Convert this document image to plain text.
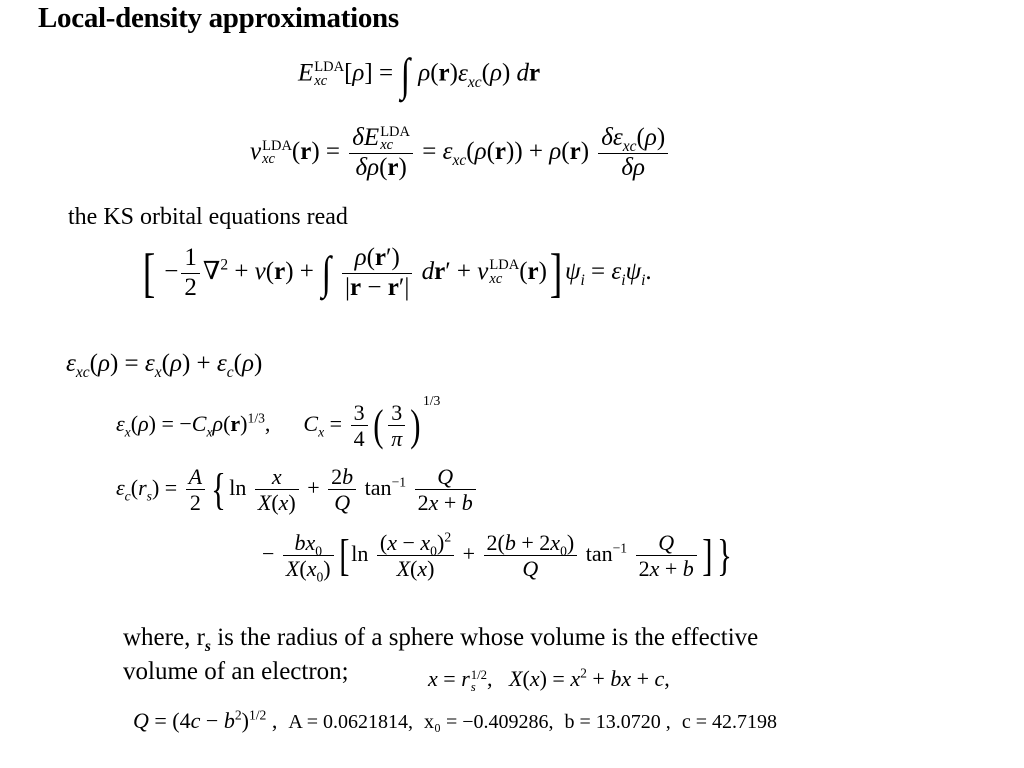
Local-density approximations
E LDA
xc [ρ] = ∫ $\rho(r)\varepsilon_{xc}(\rho)$ dr
v LDA
xc (r) = δE LDA
xc
$\delta\rho(r) = \varepsilon_{xc}(\rho(r)) + \rho(r) \frac{\delta\varepsilon_{xc}(\rho)}{\delta\rho}$
the KS orbital equations read
[ − $\frac{1}{2} \nabla^2 + v(r)$ + ∫ $\frac{\rho(r')}{|r - r'|} dr' + v$ LDA
xc (r)] $\psi_i = \varepsilon_i\psi_i$.
$\varepsilon_{xc}(\rho) = \varepsilon_x(\rho) + \varepsilon_c(\rho)$
$\varepsilon_x(\rho) = -C_x\rho(r)^{1/3}$,      $C_x = \frac{3}{4}$ ( $\frac{3}{\pi} )^{1/3}$
$\varepsilon_c(r_s) = \frac{A}{2}$ { $\ln \frac{x}{X(x)} + \frac{2b}{Q} \tan^{-1} \frac{Q}{2x + b}$
− $\frac{bx_0}{X(x_0)} [\ln \frac{(x - x_0)^2}{X(x)} + \frac{2(b + 2x_0)}{Q} \tan^{-1} \frac{Q}{2x + b}$ ] }
where, $r_s$ is the radius of a sphere whose volume is the effective
volume of an electron;	x = r 1/2
s ,   $X(x) = x^2$ + bx + c,
$Q = (4c - b^2)^{1/2}$ , A = 0.0621814, x₀ = −0.409286, b = 13.0720 , c = 42.7198
